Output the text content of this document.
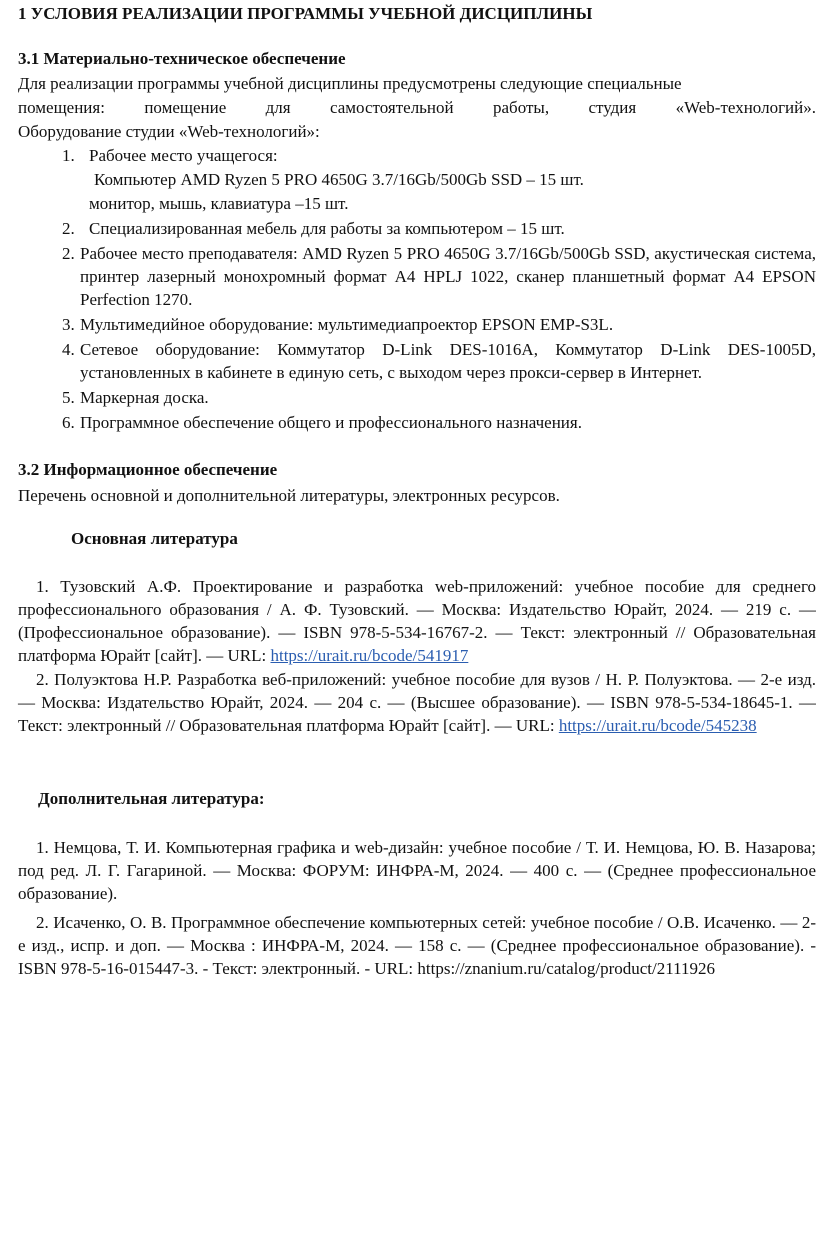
1 УСЛОВИЯ РЕАЛИЗАЦИИ ПРОГРАММЫ УЧЕБНОЙ ДИСЦИПЛИНЫ

3.1 Материально-техническое обеспечение

Для реализации программы учебной дисциплины предусмотрены следующие специальные

помещения: помещение для самостоятельной работы, студия «Web-технологий».

Оборудование студии «Web-технологий»:

1. Рабочее место учащегося:

Компьютер AMD Ryzen 5 PRO 4650G 3.7/16Gb/500Gb SSD – 15 шт.

монитор, мышь, клавиатура –15 шт.

2. Специализированная мебель для работы за компьютером – 15 шт.
2. Рабочее место преподавателя: AMD Ryzen 5 PRO 4650G 3.7/16Gb/500Gb SSD, акустическая система, принтер лазерный монохромный формат А4 HPLJ 1022, сканер планшетный формат А4 EPSON Perfection 1270.
3. Мультимедийное оборудование: мультимедиапроектор EPSON EMP-S3L.
4. Сетевое оборудование: Коммутатор D-Link DES-1016A, Коммутатор D-Link DES-1005D, установленных в кабинете в единую сеть, с выходом через прокси-сервер в Интернет.
5. Маркерная доска.
6. Программное обеспечение общего и профессионального назначения.

3.2 Информационное обеспечение

Перечень основной и дополнительной литературы, электронных ресурсов.

Основная литература

1. Тузовский А.Ф. Проектирование и разработка web-приложений: учебное пособие для среднего профессионального образования / А. Ф. Тузовский. — Москва: Издательство Юрайт, 2024. — 219 с. — (Профессиональное образование). — ISBN 978-5-534-16767-2. — Текст: электронный // Образовательная платформа Юрайт [сайт]. — URL: https://urait.ru/bcode/541917

2. Полуэктова Н.Р. Разработка веб-приложений: учебное пособие для вузов / Н. Р. Полуэктова. — 2-е изд. — Москва: Издательство Юрайт, 2024. — 204 с. — (Высшее образование). — ISBN 978-5-534-18645-1. — Текст: электронный // Образовательная платформа Юрайт [сайт]. — URL: https://urait.ru/bcode/545238

Дополнительная литература:

1. Немцова, Т. И. Компьютерная графика и web-дизайн: учебное пособие / Т. И. Немцова, Ю. В. Назарова; под ред. Л. Г. Гагариной. — Москва: ФОРУМ: ИНФРА-М, 2024. — 400 с. — (Среднее профессиональное образование).

2. Исаченко, О. В. Программное обеспечение компьютерных сетей: учебное пособие / О.В. Исаченко. — 2-е изд., испр. и доп. — Москва : ИНФРА-М, 2024. — 158 с. — (Среднее профессиональное образование). - ISBN 978-5-16-015447-3. - Текст: электронный. - URL: https://znanium.ru/catalog/product/2111926
